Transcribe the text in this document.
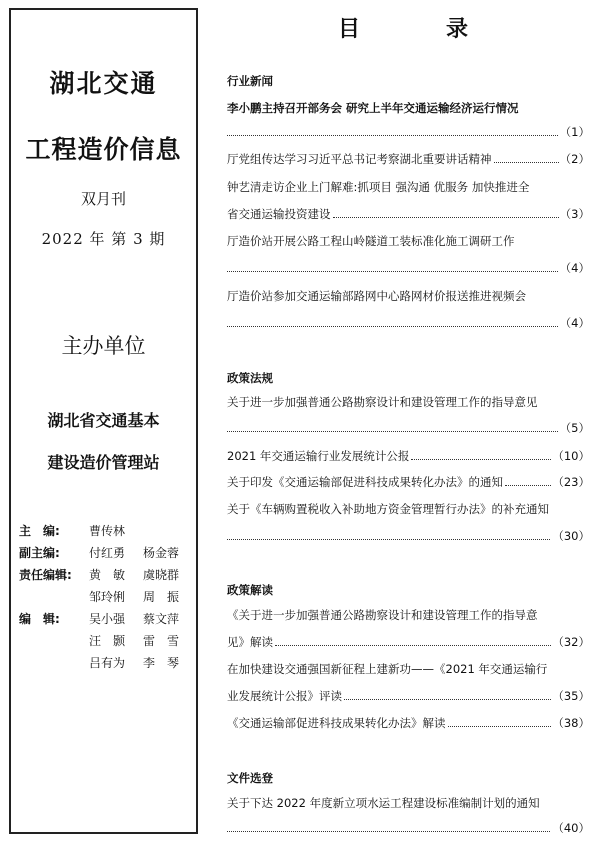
湖北交通
工程造价信息
双月刊
2022 年 第 3 期
主办单位
湖北省交通基本
建设造价管理站
主　编:	曹传林
副主编:	付红勇 杨金蓉
责任编辑:	黄　敏 虞晓群
邹玲俐 周　振
编　辑:	吴小强 蔡文萍
汪　颢 雷　雪
吕有为 李　琴
目	录
行业新闻
李小鹏主持召开部务会 研究上半年交通运输经济运行情况
（1）
厅党组传达学习习近平总书记考察湖北重要讲话精神	（2）
钟艺清走访企业上门解难:抓项目 强沟通 优服务 加快推进全
省交通运输投资建设	（3）
厅造价站开展公路工程山岭隧道工装标准化施工调研工作
（4）
厅造价站参加交通运输部路网中心路网材价报送推进视频会
（4）
政策法规
关于进一步加强普通公路勘察设计和建设管理工作的指导意见
（5）
2021 年交通运输行业发展统计公报	（10）
关于印发《交通运输部促进科技成果转化办法》的通知	（23）
关于《车辆购置税收入补助地方资金管理暂行办法》的补充通知
（30）
政策解读
《关于进一步加强普通公路勘察设计和建设管理工作的指导意
见》解读	（32）
在加快建设交通强国新征程上建新功——《2021 年交通运输行
业发展统计公报》评读	（35）
《交通运输部促进科技成果转化办法》解读	（38）
文件选登
关于下达 2022 年度新立项水运工程建设标准编制计划的通知
（40）
